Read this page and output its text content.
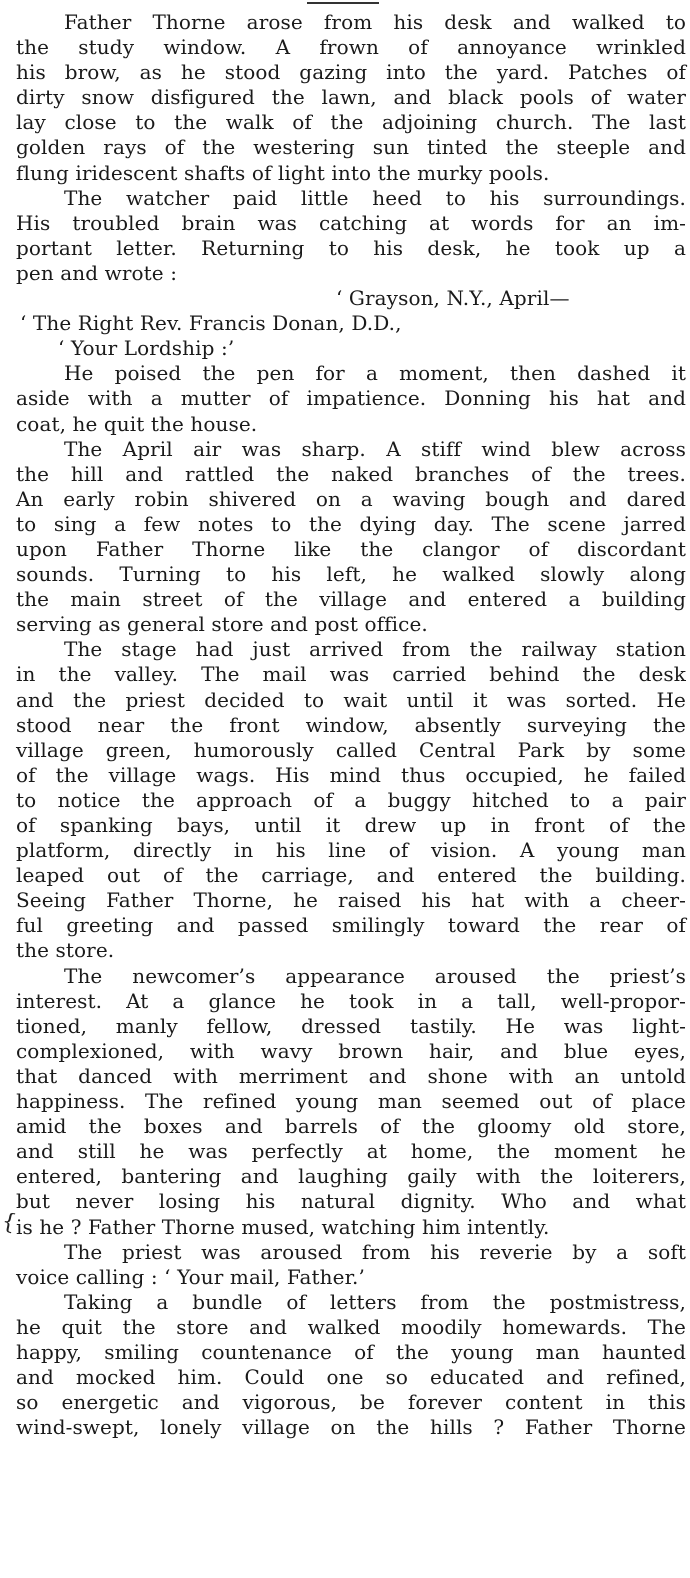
{
Father Thorne arose from his desk and walked to
the study window. A frown of annoyance wrinkled
his brow, as he stood gazing into the yard. Patches of
dirty snow disfigured the lawn, and black pools of water
lay close to the walk of the adjoining church. The last
golden rays of the westering sun tinted the steeple and
flung iridescent shafts of light into the murky pools.
The watcher paid little heed to his surroundings.
His troubled brain was catching at words for an im-
portant letter. Returning to his desk, he took up a
pen and wrote :
‘ Grayson, N.Y., April—
‘ The Right Rev. Francis Donan, D.D.,
‘ Your Lordship :’
He poised the pen for a moment, then dashed it
aside with a mutter of impatience. Donning his hat and
coat, he quit the house.
The April air was sharp. A stiff wind blew across
the hill and rattled the naked branches of the trees.
An early robin shivered on a waving bough and dared
to sing a few notes to the dying day. The scene jarred
upon Father Thorne like the clangor of discordant
sounds. Turning to his left, he walked slowly along
the main street of the village and entered a building
serving as general store and post office.
The stage had just arrived from the railway station
in the valley. The mail was carried behind the desk
and the priest decided to wait until it was sorted. He
stood near the front window, absently surveying the
village green, humorously called Central Park by some
of the village wags. His mind thus occupied, he failed
to notice the approach of a buggy hitched to a pair
of spanking bays, until it drew up in front of the
platform, directly in his line of vision. A young man
leaped out of the carriage, and entered the building.
Seeing Father Thorne, he raised his hat with a cheer-
ful greeting and passed smilingly toward the rear of
the store.
The newcomer’s appearance aroused the priest’s
interest. At a glance he took in a tall, well-propor-
tioned, manly fellow, dressed tastily. He was light-
complexioned, with wavy brown hair, and blue eyes,
that danced with merriment and shone with an untold
happiness. The refined young man seemed out of place
amid the boxes and barrels of the gloomy old store,
and still he was perfectly at home, the moment he
entered, bantering and laughing gaily with the loiterers,
but never losing his natural dignity. Who and what
is he ? Father Thorne mused, watching him intently.
The priest was aroused from his reverie by a soft
voice calling : ‘ Your mail, Father.’
Taking a bundle of letters from the postmistress,
he quit the store and walked moodily homewards. The
happy, smiling countenance of the young man haunted
and mocked him. Could one so educated and refined,
so energetic and vigorous, be forever content in this
wind-swept, lonely village on the hills ? Father Thorne
